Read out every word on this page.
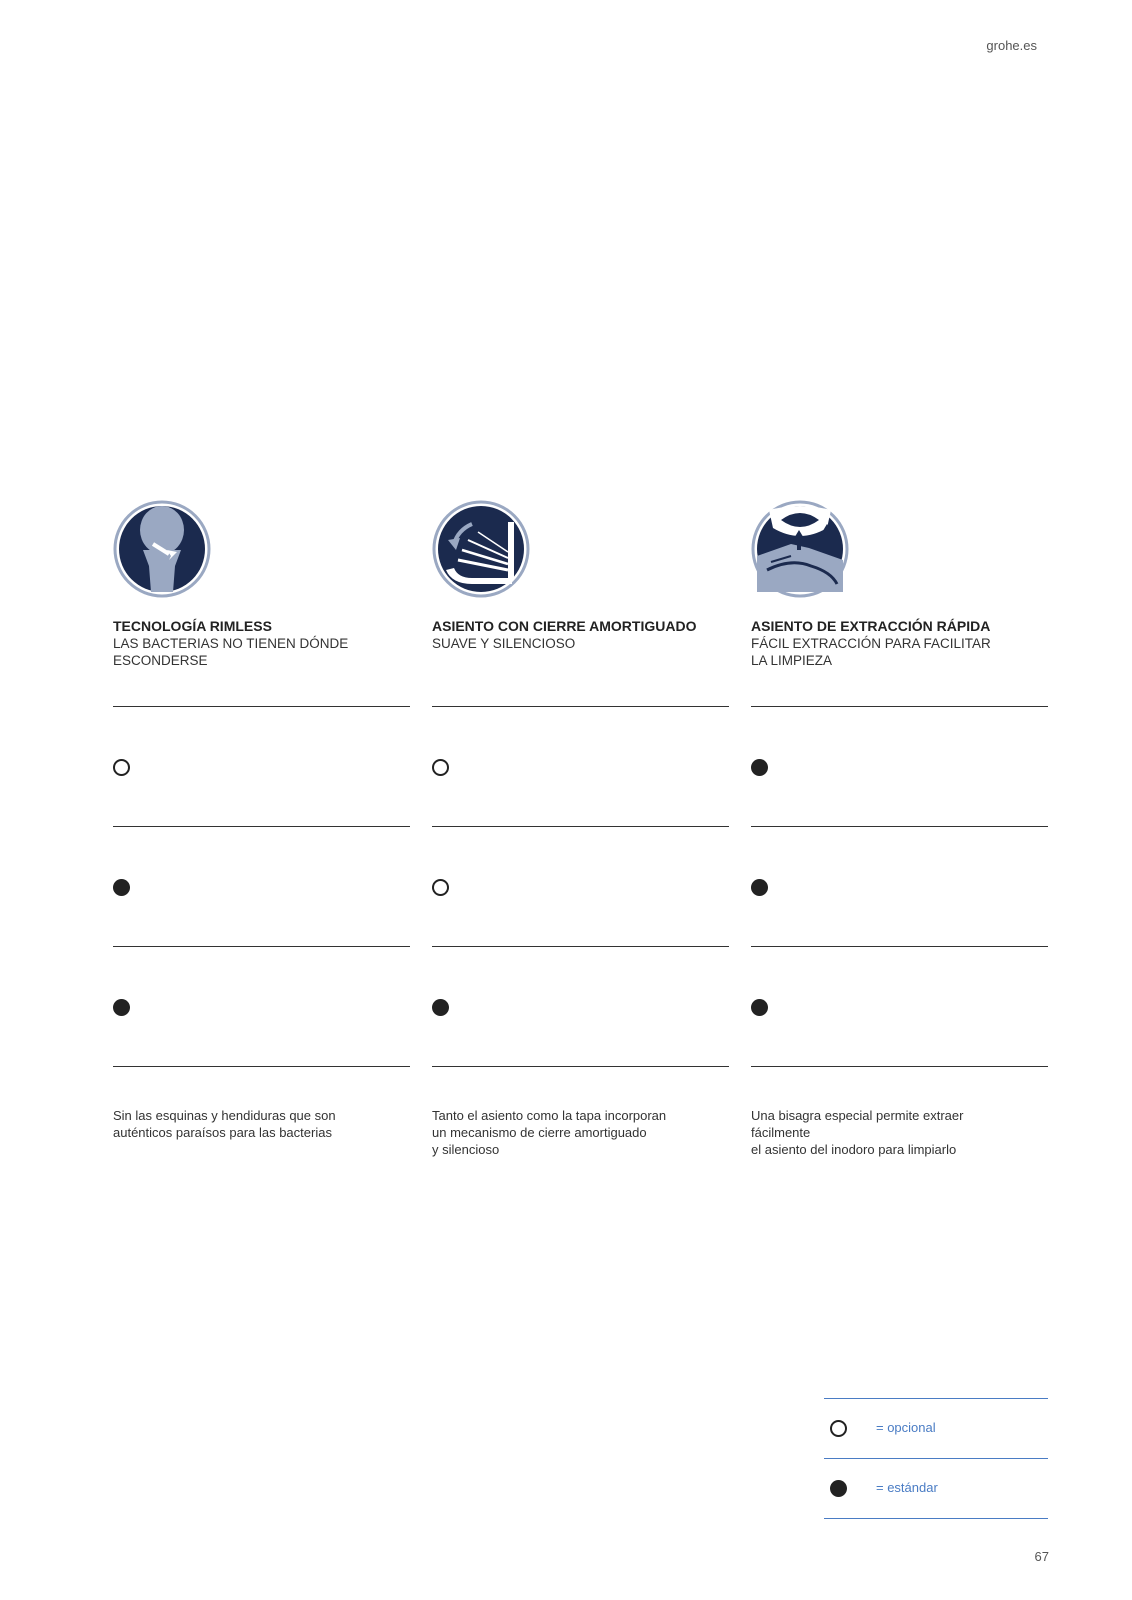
grohe.es
TECNOLOGÍA RIMLESS
LAS BACTERIAS NO TIENEN DÓNDE
ESCONDERSE
Sin las esquinas y hendiduras que son
auténticos paraísos para las bacterias
ASIENTO CON CIERRE AMORTIGUADO
SUAVE Y SILENCIOSO
Tanto el asiento como la tapa incorporan
un mecanismo de cierre amortiguado
y silencioso
ASIENTO DE EXTRACCIÓN RÁPIDA
FÁCIL EXTRACCIÓN PARA FACILITAR
LA LIMPIEZA
Una bisagra especial permite extraer fácilmente
el asiento del inodoro para limpiarlo
= opcional
= estándar
67
